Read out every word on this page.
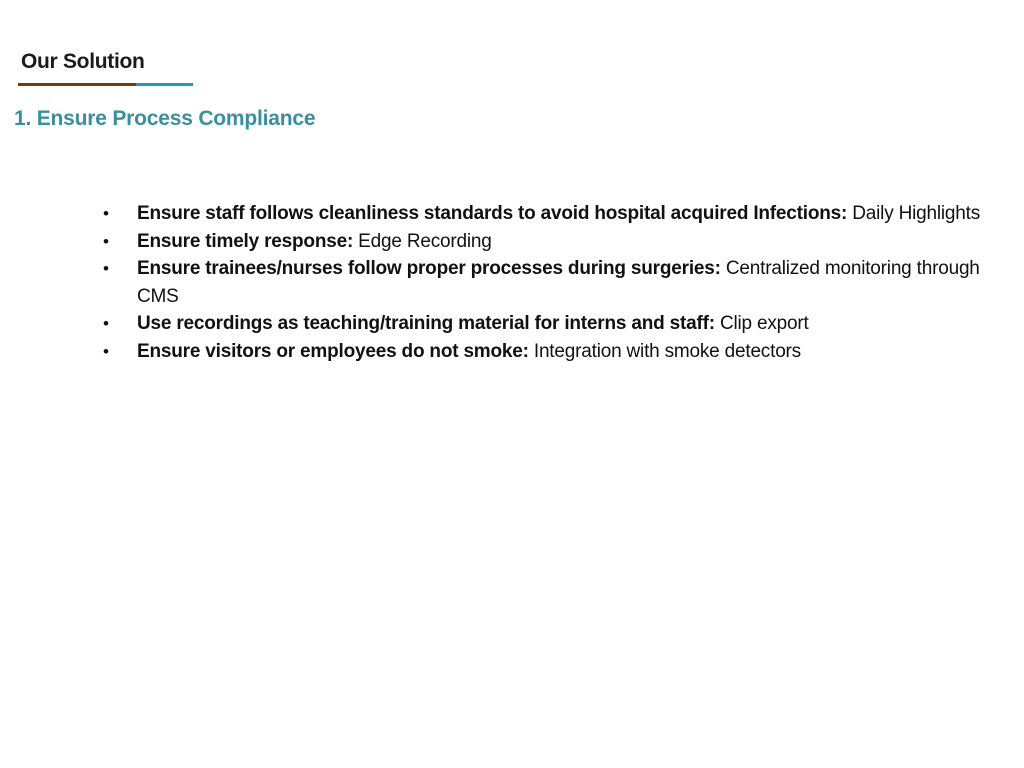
Our Solution
1. Ensure Process Compliance
•	Ensure staff follows cleanliness standards to avoid hospital acquired Infections: Daily Highlights
•	Ensure timely response: Edge Recording
•	Ensure trainees/nurses follow proper processes during surgeries: Centralized monitoring through CMS
•	Use recordings as teaching/training material for interns and staff: Clip export
•	Ensure visitors or employees do not smoke: Integration with smoke detectors
